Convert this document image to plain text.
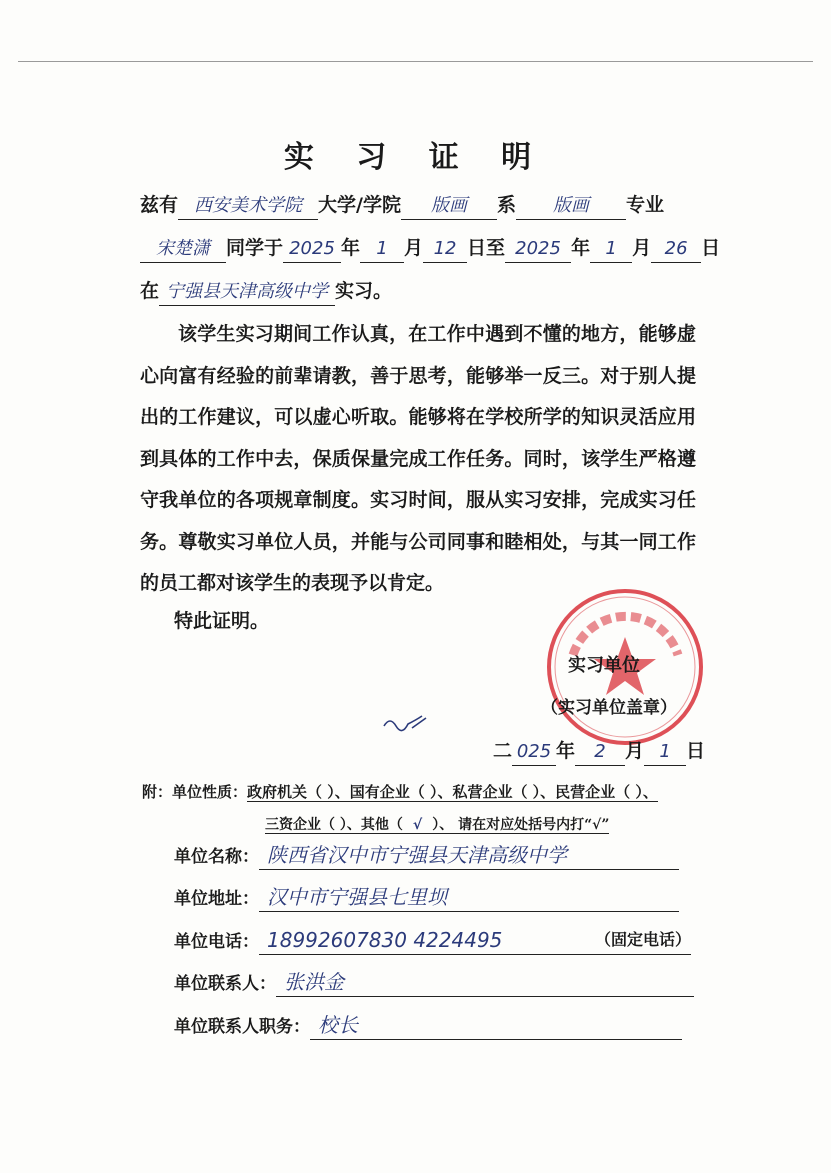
实 习 证 明
兹有 西安美术学院 大学/学院 版画 系 版画 专业
宋楚潇 同学于 2025 年 1 月 12 日至 2025 年 1 月 26 日
在 宁强县天津高级中学 实习。
该学生实习期间工作认真，在工作中遇到不懂的地方，能够虚心向富有经验的前辈请教，善于思考，能够举一反三。对于别人提出的工作建议，可以虚心听取。能够将在学校所学的知识灵活应用到具体的工作中去，保质保量完成工作任务。同时，该学生严格遵守我单位的各项规章制度。实习时间，服从实习安排，完成实习任务。尊敬实习单位人员，并能与公司同事和睦相处，与其一同工作的员工都对该学生的表现予以肯定。
特此证明。
实习单位
（实习单位盖章）
二 025 年 2 月 1 日
附：单位性质：政府机关（ ）、国有企业（ ）、私营企业（ ）、民营企业（ ）、
三资企业（ ）、其他（ √ ）、 请在对应处括号内打“√”
单位名称： 陕西省汉中市宁强县天津高级中学
单位地址： 汉中市宁强县七里坝
单位电话： 18992607830 4224495	（固定电话）
单位联系人： 张洪金
单位联系人职务： 校长
